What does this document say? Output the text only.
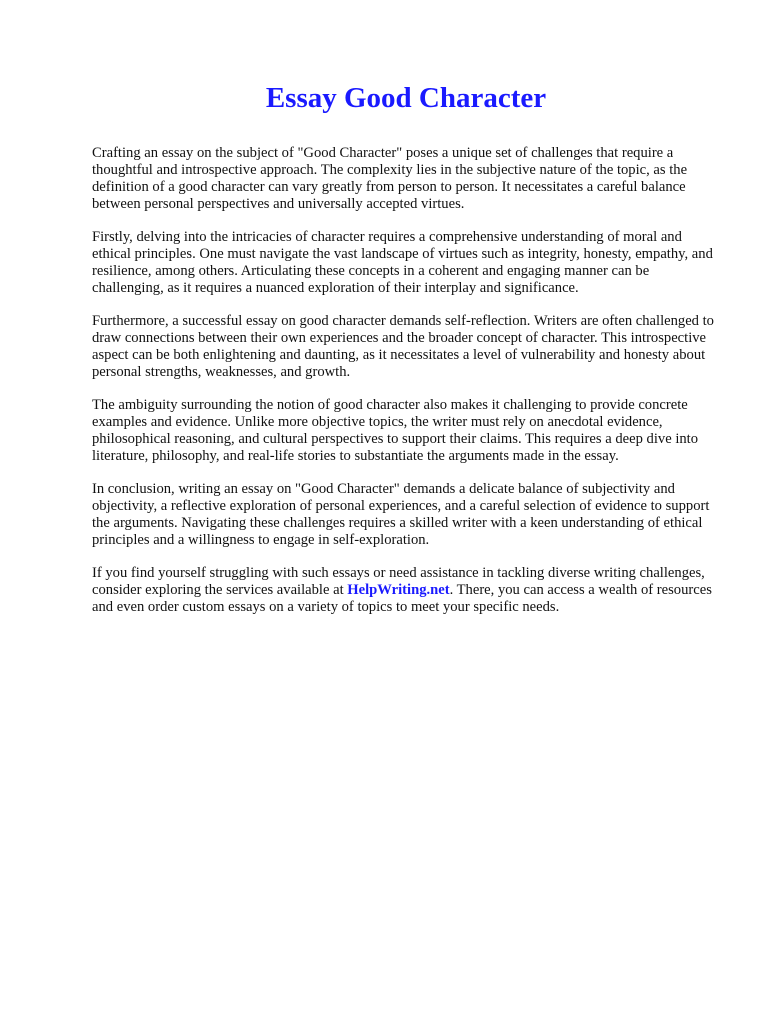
Essay Good Character

Crafting an essay on the subject of "Good Character" poses a unique set of challenges that require a thoughtful and introspective approach. The complexity lies in the subjective nature of the topic, as the definition of a good character can vary greatly from person to person. It necessitates a careful balance between personal perspectives and universally accepted virtues.

Firstly, delving into the intricacies of character requires a comprehensive understanding of moral and ethical principles. One must navigate the vast landscape of virtues such as integrity, honesty, empathy, and resilience, among others. Articulating these concepts in a coherent and engaging manner can be challenging, as it requires a nuanced exploration of their interplay and significance.

Furthermore, a successful essay on good character demands self-reflection. Writers are often challenged to draw connections between their own experiences and the broader concept of character. This introspective aspect can be both enlightening and daunting, as it necessitates a level of vulnerability and honesty about personal strengths, weaknesses, and growth.

The ambiguity surrounding the notion of good character also makes it challenging to provide concrete examples and evidence. Unlike more objective topics, the writer must rely on anecdotal evidence, philosophical reasoning, and cultural perspectives to support their claims. This requires a deep dive into literature, philosophy, and real-life stories to substantiate the arguments made in the essay.

In conclusion, writing an essay on "Good Character" demands a delicate balance of subjectivity and objectivity, a reflective exploration of personal experiences, and a careful selection of evidence to support the arguments. Navigating these challenges requires a skilled writer with a keen understanding of ethical principles and a willingness to engage in self-exploration.

If you find yourself struggling with such essays or need assistance in tackling diverse writing challenges, consider exploring the services available at HelpWriting.net. There, you can access a wealth of resources and even order custom essays on a variety of topics to meet your specific needs.
